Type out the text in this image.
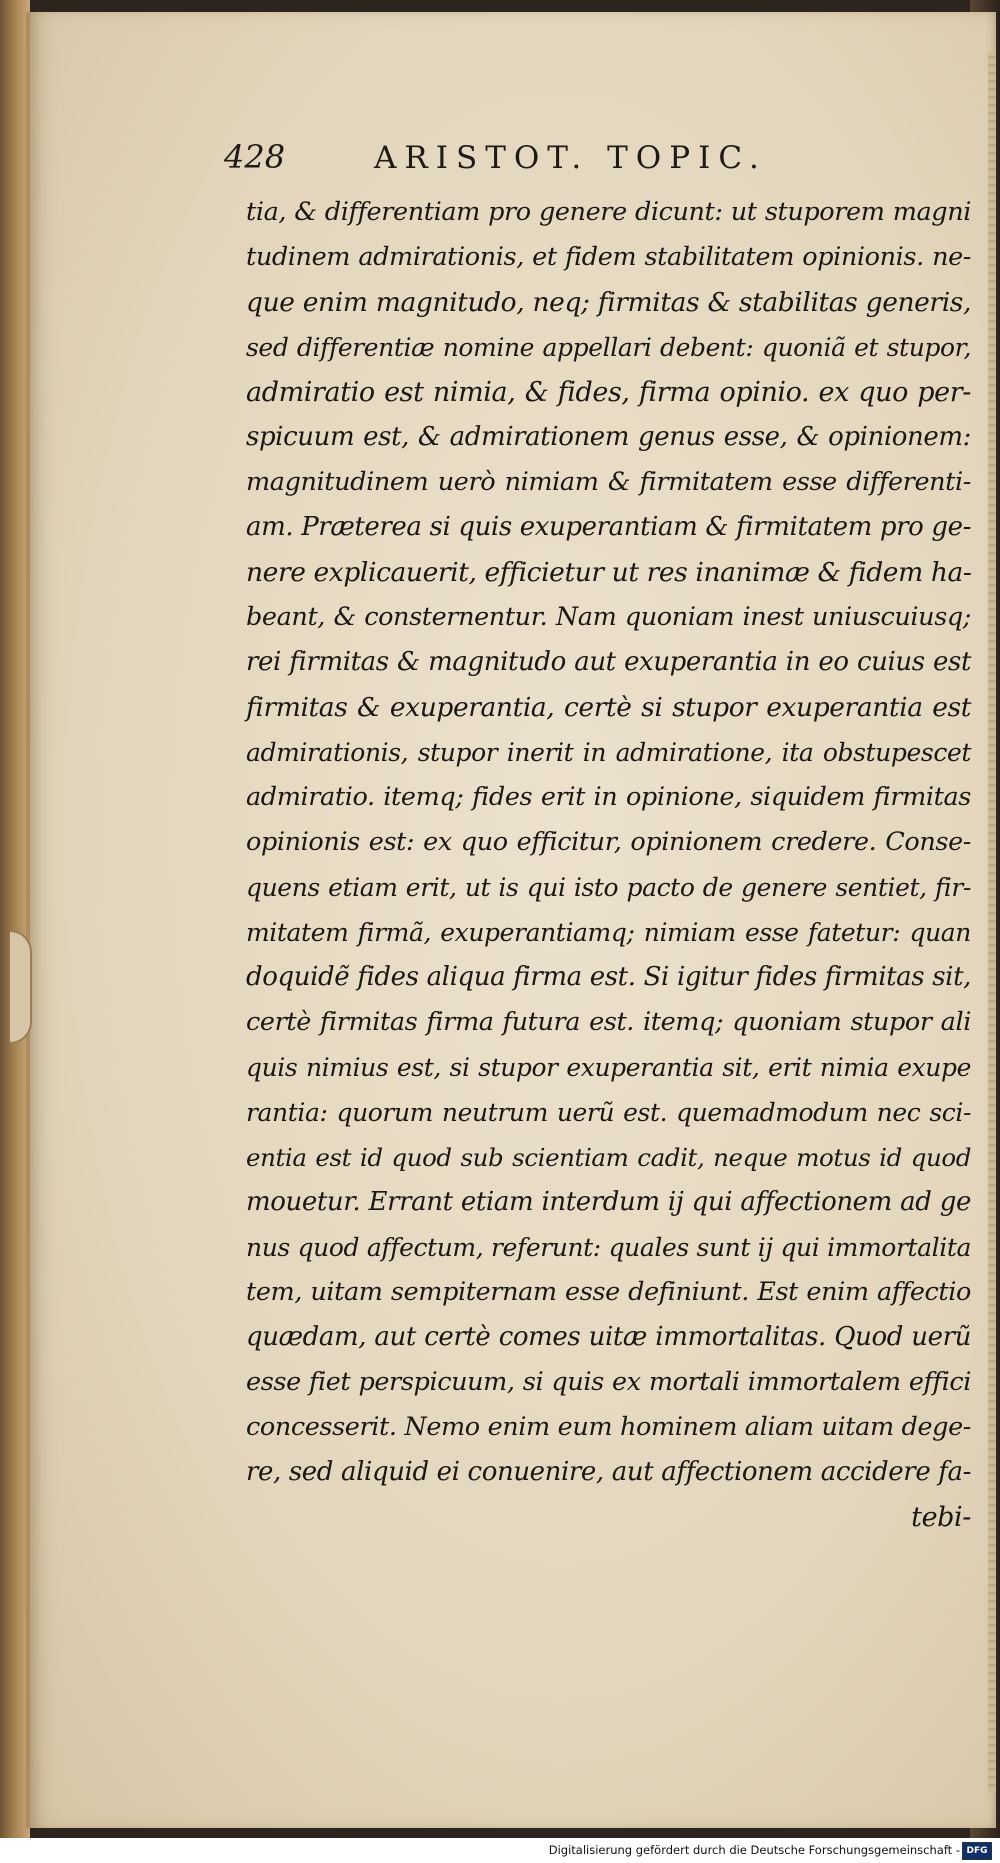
428	ARISTOT. TOPIC.
tia, & differentiam pro genere dicunt: ut stuporem magni
tudinem admirationis, et fidem stabilitatem opinionis. ne-
que enim magnitudo, neq; firmitas & stabilitas generis,
sed differentiæ nomine appellari debent: quoniã et stupor,
admiratio est nimia, & fides, firma opinio. ex quo per-
spicuum est, & admirationem genus esse, & opinionem:
magnitudinem uerò nimiam & firmitatem esse differenti-
am. Præterea si quis exuperantiam & firmitatem pro ge-
nere explicauerit, efficietur ut res inanimæ & fidem ha-
beant, & consternentur. Nam quoniam inest uniuscuiusq;
rei firmitas & magnitudo aut exuperantia in eo cuius est
firmitas & exuperantia, certè si stupor exuperantia est
admirationis, stupor inerit in admiratione, ita obstupescet
admiratio. itemq; fides erit in opinione, siquidem firmitas
opinionis est: ex quo efficitur, opinionem credere. Conse-
quens etiam erit, ut is qui isto pacto de genere sentiet, fir-
mitatem firmã, exuperantiamq; nimiam esse fatetur: quan
doquidẽ fides aliqua firma est. Si igitur fides firmitas sit,
certè firmitas firma futura est. itemq; quoniam stupor ali
quis nimius est, si stupor exuperantia sit, erit nimia exupe
rantia: quorum neutrum uerũ est. quemadmodum nec sci-
entia est id quod sub scientiam cadit, neque motus id quod
mouetur. Errant etiam interdum ij qui affectionem ad ge
nus quod affectum, referunt: quales sunt ij qui immortalita
tem, uitam sempiternam esse definiunt. Est enim affectio
quædam, aut certè comes uitæ immortalitas. Quod uerũ
esse fiet perspicuum, si quis ex mortali immortalem effici
concesserit. Nemo enim eum hominem aliam uitam dege-
re, sed aliquid ei conuenire, aut affectionem accidere fa-
tebi-
Digitalisierung gefördert durch die Deutsche Forschungsgemeinschaft - DFG
